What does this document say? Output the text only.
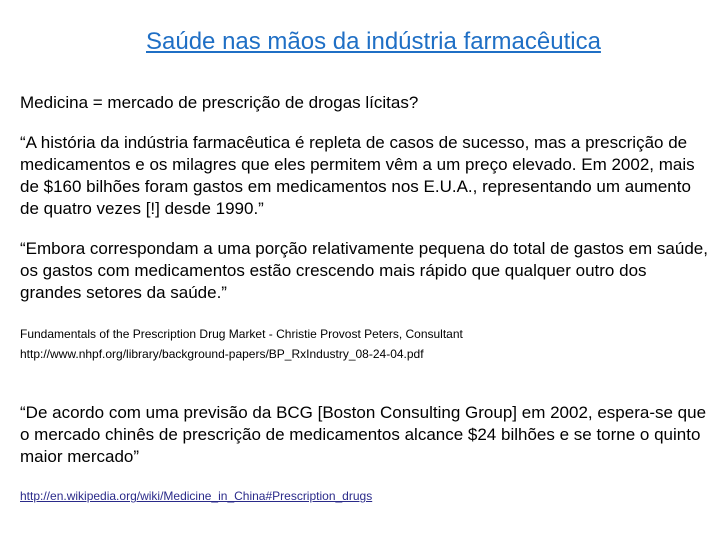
Saúde nas mãos da indústria farmacêutica

Medicina = mercado de prescrição de drogas lícitas?

“A história da indústria farmacêutica é repleta de casos de sucesso, mas a prescrição de medicamentos e os milagres que eles permitem vêm a um preço elevado. Em 2002, mais de $160 bilhões foram gastos em medicamentos nos E.U.A., representando um aumento de quatro vezes [!] desde 1990.”

“Embora correspondam a uma porção relativamente pequena do total de gastos em saúde, os gastos com medicamentos estão crescendo mais rápido que qualquer outro dos grandes setores da saúde.”

Fundamentals of the Prescription Drug Market - Christie Provost Peters, Consultant

http://www.nhpf.org/library/background-papers/BP_RxIndustry_08-24-04.pdf

“De acordo com uma previsão da BCG [Boston Consulting Group] em 2002, espera-se que o mercado chinês de prescrição de medicamentos alcance $24 bilhões e se torne o quinto maior mercado”

http://en.wikipedia.org/wiki/Medicine_in_China#Prescription_drugs
